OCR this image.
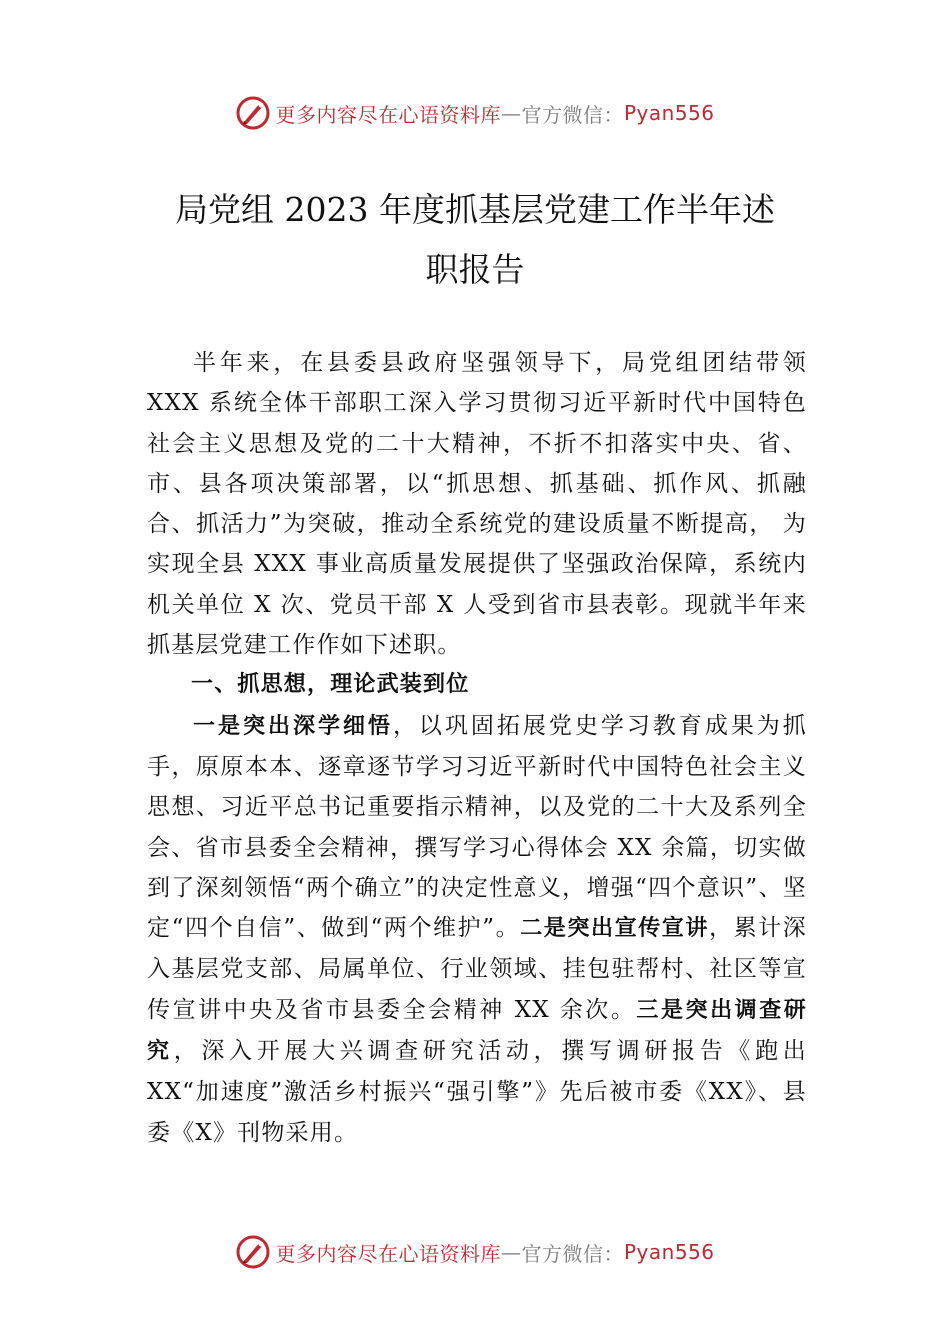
更多内容尽在心语资料库 — 官方微信： Pyan556
局党组 2023 年度抓基层党建工作半年述
职报告

半年来，在县委县政府坚强领导下，局党组团结带领 XXX 系统全体干部职工深入学习贯彻习近平新时代中国特色社会主义思想及党的二十大精神，不折不扣落实中央、省、市、县各项决策部署，以“抓思想、抓基础、抓作风、抓融合、抓活力”为突破，推动全系统党的建设质量不断提高， 为实现全县 XXX 事业高质量发展提供了坚强政治保障，系统内机关单位 X 次、党员干部 X 人受到省市县表彰。现就半年来抓基层党建工作作如下述职。

一、抓思想，理论武装到位

一是突出深学细悟，以巩固拓展党史学习教育成果为抓手，原原本本、逐章逐节学习习近平新时代中国特色社会主义思想、习近平总书记重要指示精神，以及党的二十大及系列全会、省市县委全会精神，撰写学习心得体会 XX 余篇，切实做到了深刻领悟“两个确立”的决定性意义，增强“四个意识”、坚定“四个自信”、做到“两个维护”。二是突出宣传宣讲，累计深入基层党支部、局属单位、行业领域、挂包驻帮村、社区等宣传宣讲中央及省市县委全会精神 XX 余次。三是突出调查研究，深入开展大兴调查研究活动，撰写调研报告《跑出 XX“加速度”激活乡村振兴“强引擎”》先后被市委《XX》、县委《X》刊物采用。

更多内容尽在心语资料库 — 官方微信： Pyan556
